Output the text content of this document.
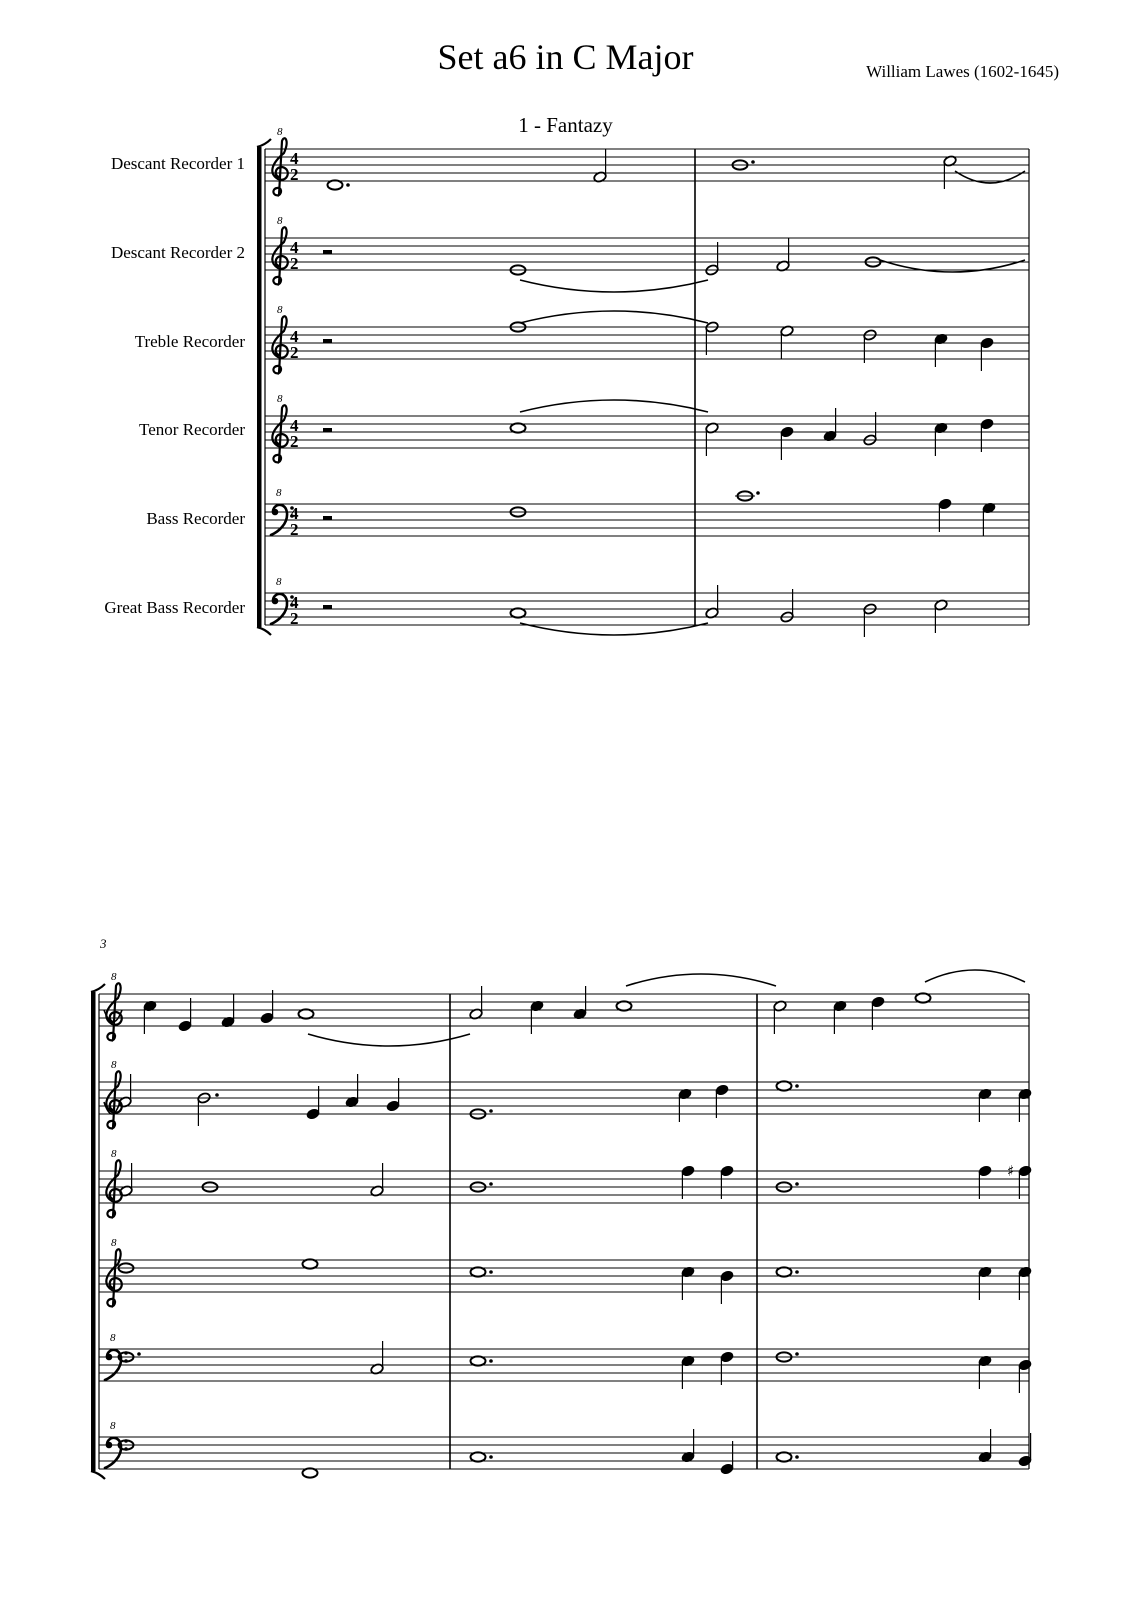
Set a6 in C Major	William Lawes (1602-1645)
1 - Fantazy
Descant Recorder 1
Descant Recorder 2
Treble Recorder
Tenor Recorder
Bass Recorder
Great Bass Recorder
8
4
2
8
4
2
8
4
2
8
4
2
8
4
2
8
4
2
8
8
8
8
8
8
♯
3
